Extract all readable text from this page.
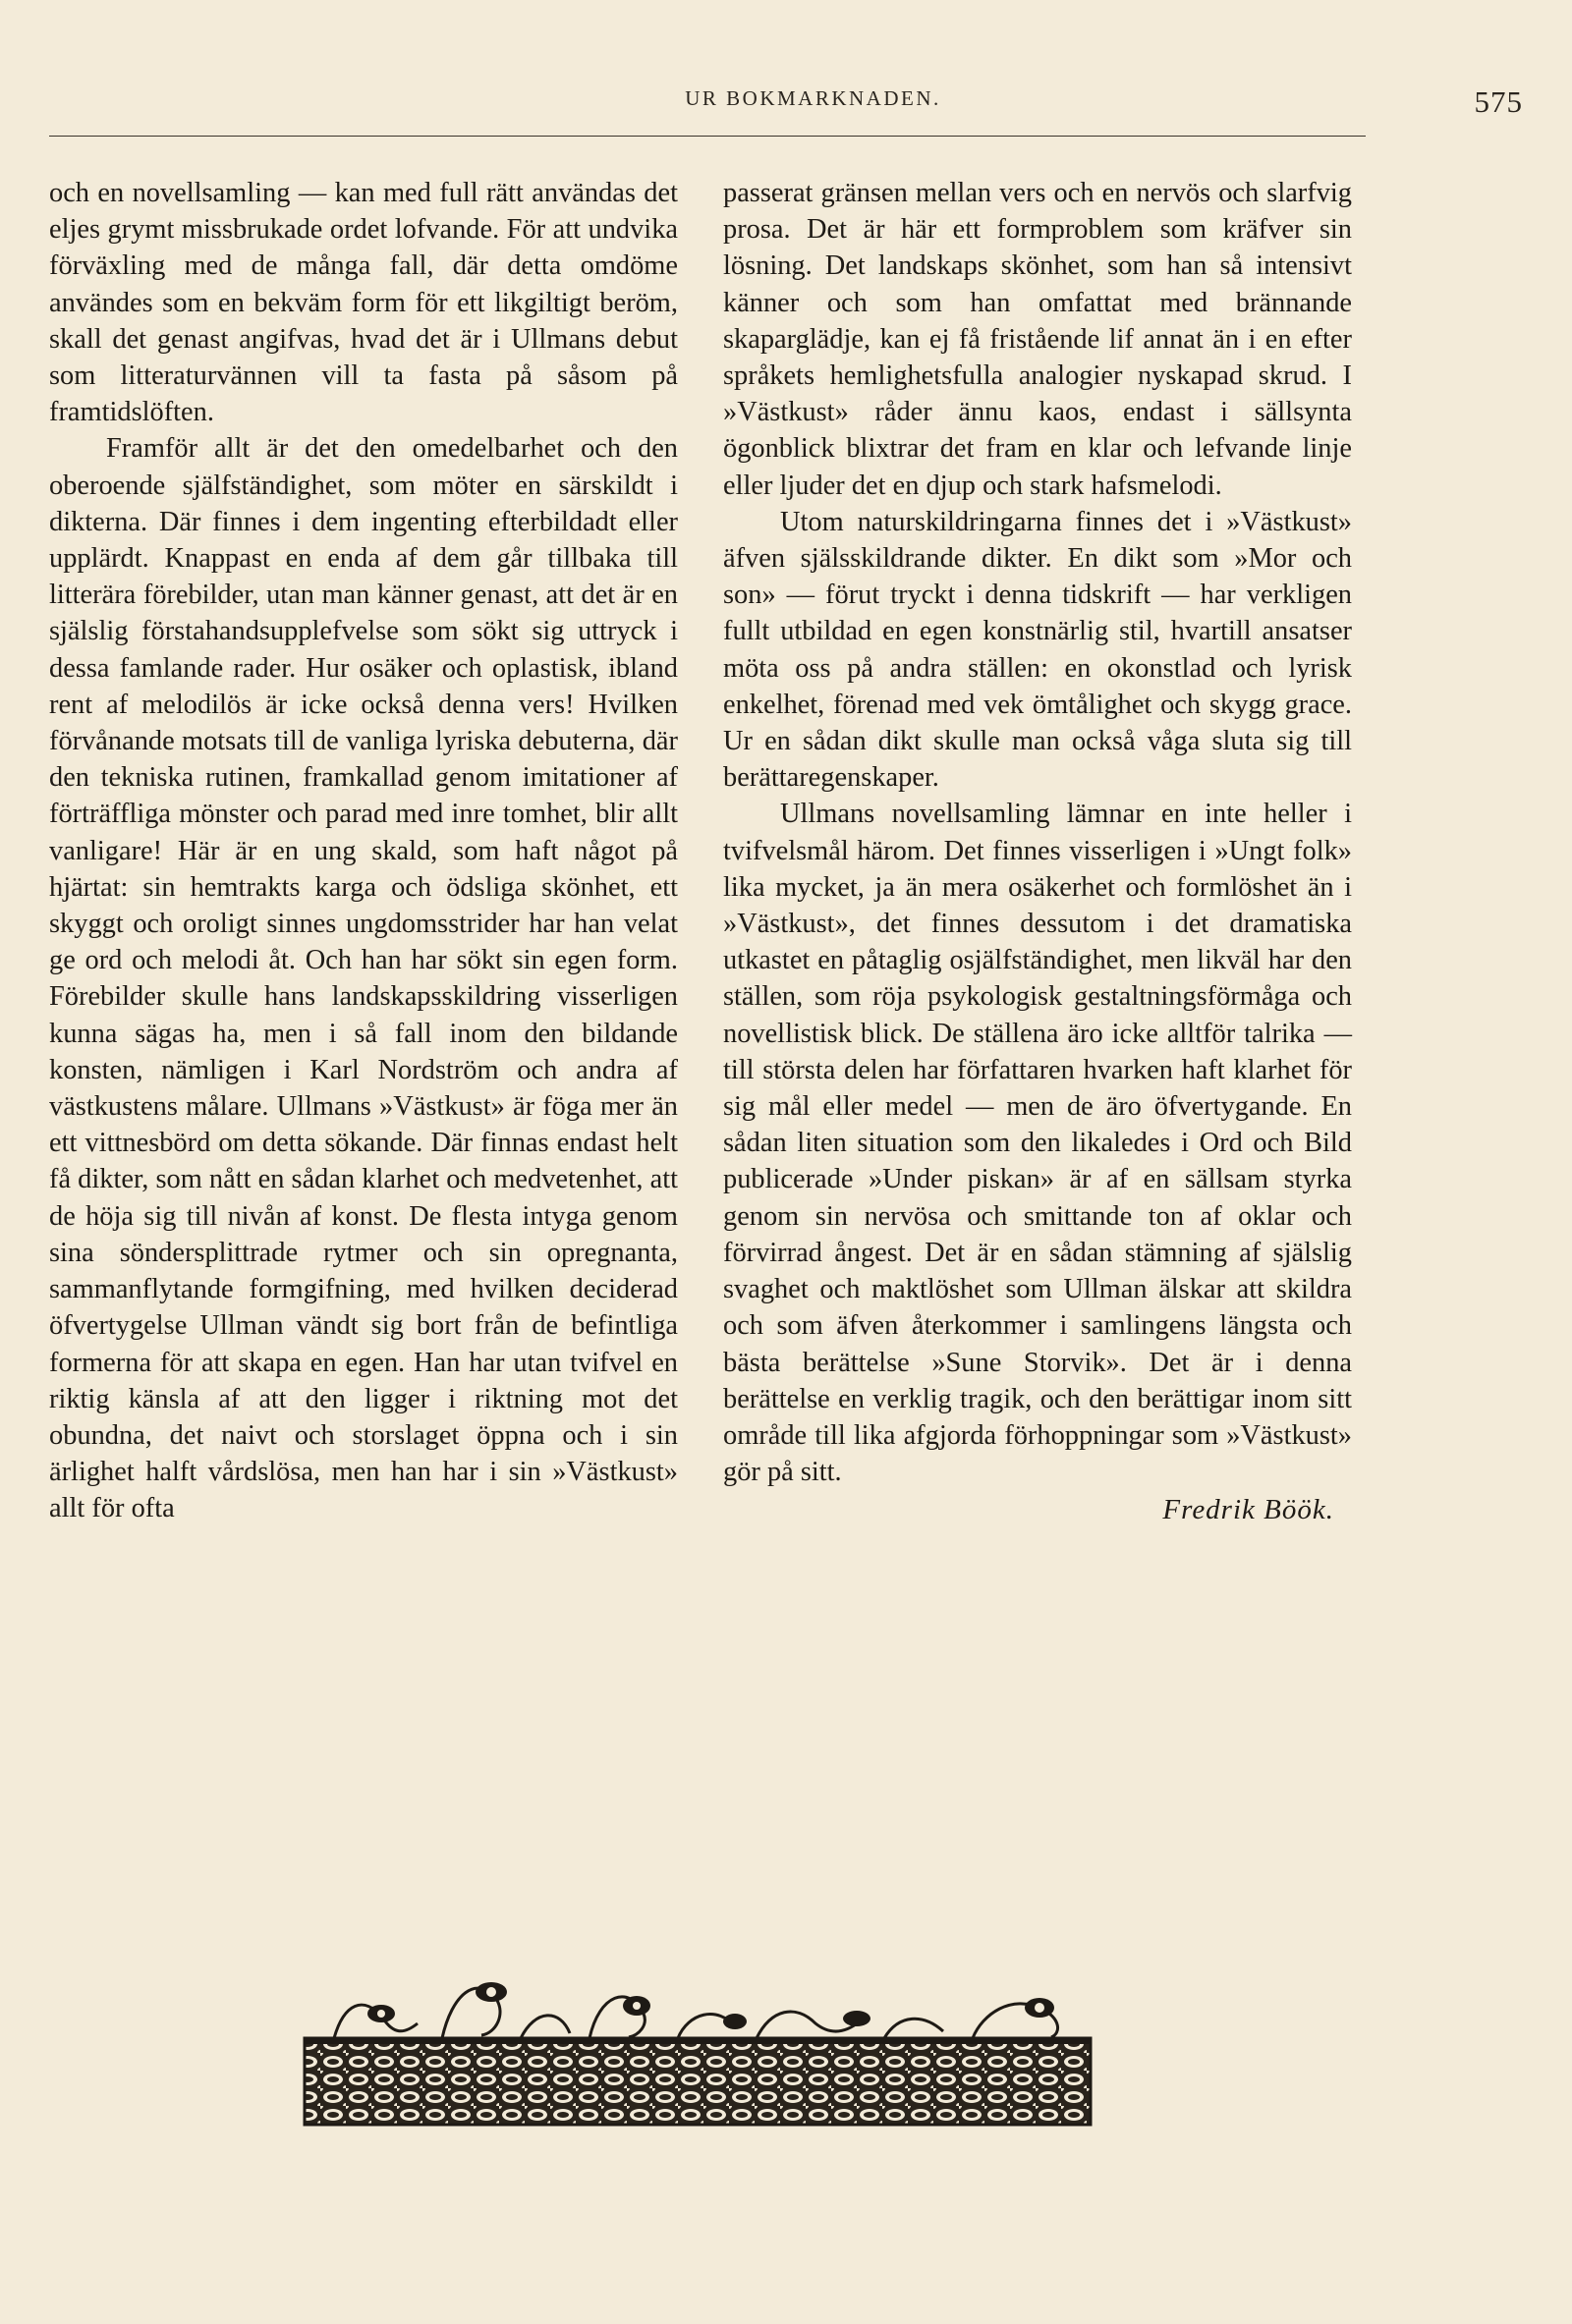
UR BOKMARKNADEN.	575

och en novellsamling — kan med full rätt användas det eljes grymt missbrukade ordet lofvande. För att undvika förväxling med de många fall, där detta omdöme användes som en bekväm form för ett likgiltigt beröm, skall det genast angifvas, hvad det är i Ullmans debut som litteraturvännen vill ta fasta på såsom på framtidslöften.

Framför allt är det den omedelbarhet och den oberoende själfständighet, som möter en särskildt i dikterna. Där finnes i dem ingenting efterbildadt eller upplärdt. Knappast en enda af dem går tillbaka till litterära förebilder, utan man känner genast, att det är en själslig förstahandsupplefvelse som sökt sig uttryck i dessa famlande rader. Hur osäker och oplastisk, ibland rent af melodilös är icke också denna vers! Hvilken förvånande motsats till de vanliga lyriska debuterna, där den tekniska rutinen, framkallad genom imitationer af förträffliga mönster och parad med inre tomhet, blir allt vanligare! Här är en ung skald, som haft något på hjärtat: sin hemtrakts karga och ödsliga skönhet, ett skyggt och oroligt sinnes ungdomsstrider har han velat ge ord och melodi åt. Och han har sökt sin egen form. Förebilder skulle hans landskapsskildring visserligen kunna sägas ha, men i så fall inom den bildande konsten, nämligen i Karl Nordström och andra af västkustens målare. Ullmans »Västkust» är föga mer än ett vittnesbörd om detta sökande. Där finnas endast helt få dikter, som nått en sådan klarhet och medvetenhet, att de höja sig till nivån af konst. De flesta intyga genom sina söndersplittrade rytmer och sin opregnanta, sammanflytande formgifning, med hvilken deciderad öfvertygelse Ullman vändt sig bort från de befintliga formerna för att skapa en egen. Han har utan tvifvel en riktig känsla af att den ligger i riktning mot det obundna, det naivt och storslaget öppna och i sin ärlighet halft vårdslösa, men han har i sin »Västkust» allt för ofta

passerat gränsen mellan vers och en nervös och slarfvig prosa. Det är här ett formproblem som kräfver sin lösning. Det landskaps skönhet, som han så intensivt känner och som han omfattat med brännande skaparglädje, kan ej få fristående lif annat än i en efter språkets hemlighetsfulla analogier nyskapad skrud. I »Västkust» råder ännu kaos, endast i sällsynta ögonblick blixtrar det fram en klar och lefvande linje eller ljuder det en djup och stark hafsmelodi.

Utom naturskildringarna finnes det i »Västkust» äfven själsskildrande dikter. En dikt som »Mor och son» — förut tryckt i denna tidskrift — har verkligen fullt utbildad en egen konstnärlig stil, hvartill ansatser möta oss på andra ställen: en okonstlad och lyrisk enkelhet, förenad med vek ömtålighet och skygg grace. Ur en sådan dikt skulle man också våga sluta sig till berättaregenskaper.

Ullmans novellsamling lämnar en inte heller i tvifvelsmål härom. Det finnes visserligen i »Ungt folk» lika mycket, ja än mera osäkerhet och formlöshet än i »Västkust», det finnes dessutom i det dramatiska utkastet en påtaglig osjälfständighet, men likväl har den ställen, som röja psykologisk gestaltningsförmåga och novellistisk blick. De ställena äro icke alltför talrika — till största delen har författaren hvarken haft klarhet för sig mål eller medel — men de äro öfvertygande. En sådan liten situation som den likaledes i Ord och Bild publicerade »Under piskan» är af en sällsam styrka genom sin nervösa och smittande ton af oklar och förvirrad ångest. Det är en sådan stämning af själslig svaghet och maktlöshet som Ullman älskar att skildra och som äfven återkommer i samlingens längsta och bästa berättelse »Sune Storvik». Det är i denna berättelse en verklig tragik, och den berättigar inom sitt område till lika afgjorda förhoppningar som »Västkust» gör på sitt.

Fredrik Böök.
